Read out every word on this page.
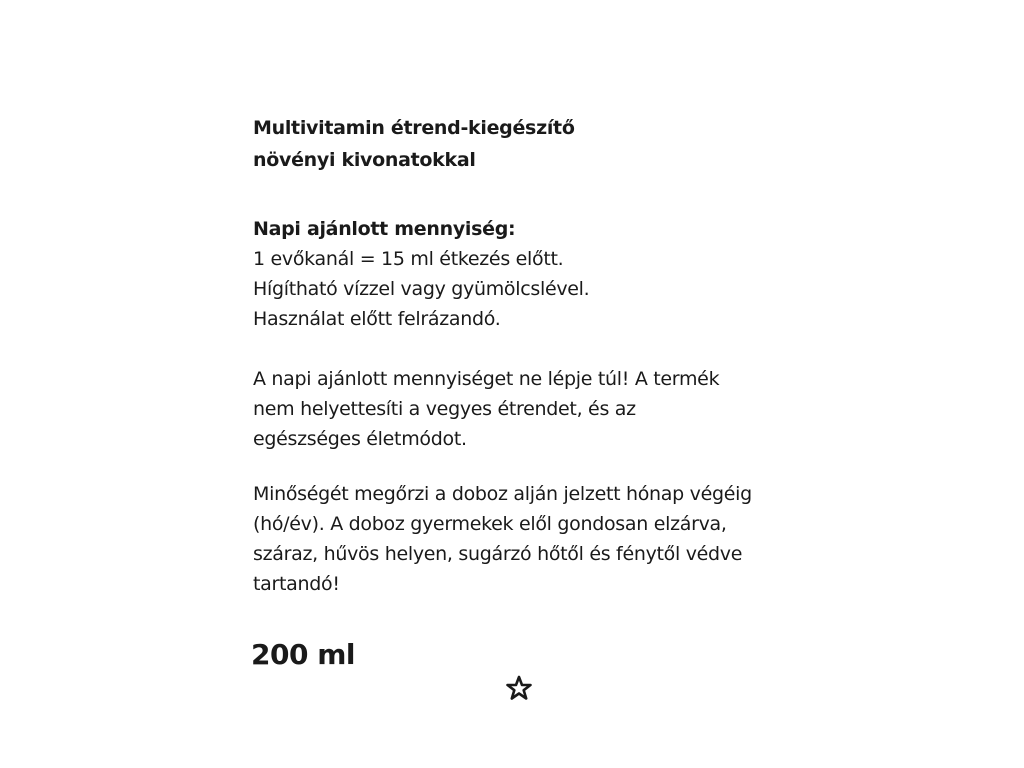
Multivitamin étrend-kiegészítő
növényi kivonatokkal
Napi ajánlott mennyiség:
1 evőkanál = 15 ml étkezés előtt.
Hígítható vízzel vagy gyümölcslével.
Használat előtt felrázandó.
A napi ajánlott mennyiséget ne lépje túl! A termék
nem helyettesíti a vegyes étrendet, és az
egészséges életmódot.
Minőségét megőrzi a doboz alján jelzett hónap végéig
(hó/év). A doboz gyermekek elől gondosan elzárva,
száraz, hűvös helyen, sugárzó hőtől és fénytől védve
tartandó!
200 ml
